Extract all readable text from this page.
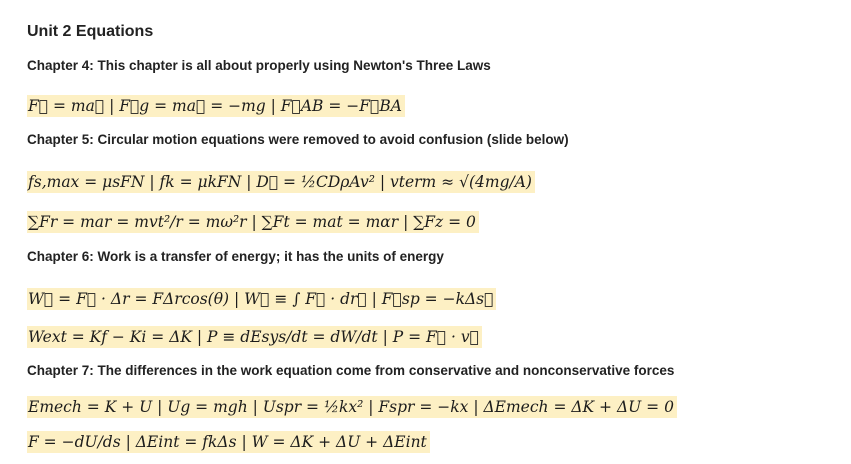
Unit 2 Equations
Chapter 4: This chapter is all about properly using Newton's Three Laws
F⃗ = ma⃗ | F⃗g = ma⃗ = −mg | F⃗AB = −F⃗BA
Chapter 5: Circular motion equations were removed to avoid confusion (slide below)
fs,max = μsFN | fk = μkFN | D⃗ = ½CDρAv² | vterm ≈ √(4mg/A)
∑Fr = mar = mvt²/r = mω²r | ∑Ft = mat = mαr | ∑Fz = 0
Chapter 6: Work is a transfer of energy; it has the units of energy
W⃗ = F⃗ · Δr = FΔrcos(θ) | W⃗ ≡ ∫ F⃗ · dr⃗ | F⃗sp = −kΔs⃗
Wext = Kf − Ki = ΔK | P ≡ dEsys/dt = dW/dt | P = F⃗ · v⃗
Chapter 7: The differences in the work equation come from conservative and nonconservative forces
Emech = K + U | Ug = mgh | Uspr = ½kx² | Fspr = −kx | ΔEmech = ΔK + ΔU = 0
F = −dU/ds | ΔEint = fkΔs | W = ΔK + ΔU + ΔEint
